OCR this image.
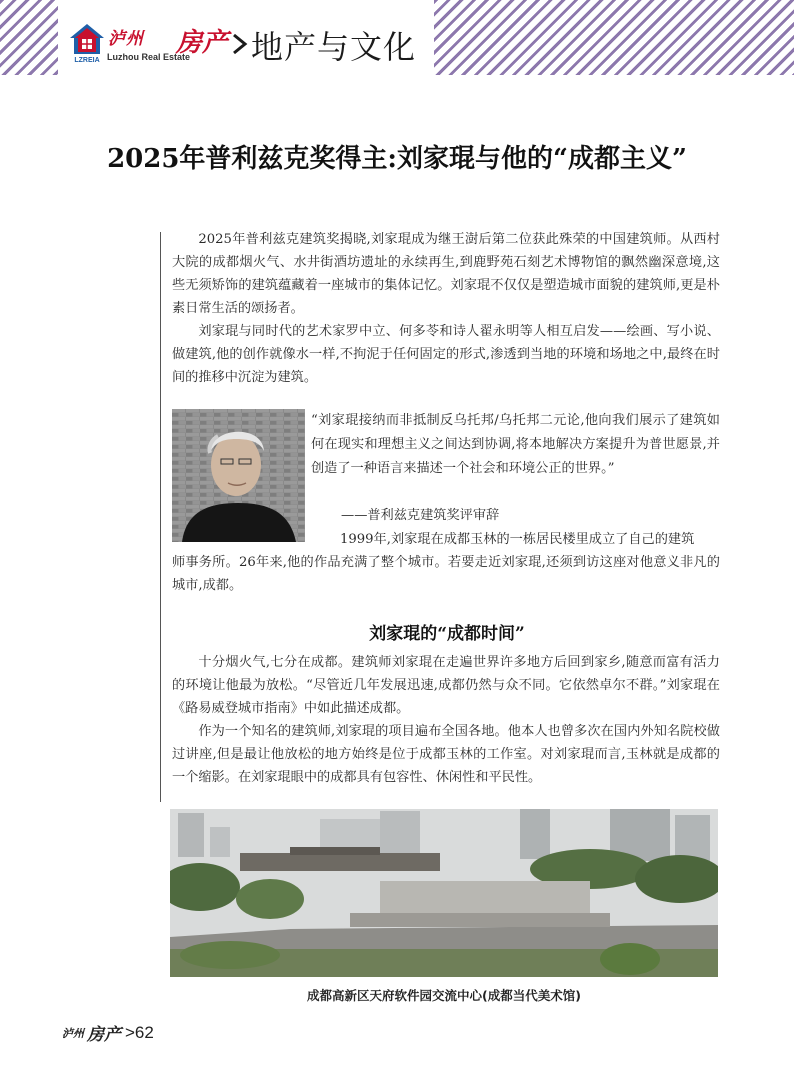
LZREIA
泸州
Luzhou Real Estate
房产 地产与文化
2025年普利兹克奖得主:刘家琨与他的“成都主义”

2025年普利兹克建筑奖揭晓,刘家琨成为继王澍后第二位获此殊荣的中国建筑师。从西村大院的成都烟火气、水井街酒坊遗址的永续再生,到鹿野苑石刻艺术博物馆的飘然幽深意境,这些无须矫饰的建筑蕴藏着一座城市的集体记忆。刘家琨不仅仅是塑造城市面貌的建筑师,更是朴素日常生活的颂扬者。

刘家琨与同时代的艺术家罗中立、何多苓和诗人翟永明等人相互启发——绘画、写小说、做建筑,他的创作就像水一样,不拘泥于任何固定的形式,渗透到当地的环境和场地之中,最终在时间的推移中沉淀为建筑。

“刘家琨接纳而非抵制反乌托邦/乌托邦二元论,他向我们展示了建筑如何在现实和理想主义之间达到协调,将本地解决方案提升为普世愿景,并创造了一种语言来描述一个社会和环境公正的世界。”
——普利兹克建筑奖评审辞
1999年,刘家琨在成都玉林的一栋居民楼里成立了自己的建筑
师事务所。26年来,他的作品充满了整个城市。若要走近刘家琨,还须到访这座对他意义非凡的城市,成都。
刘家琨的“成都时间”

十分烟火气,七分在成都。建筑师刘家琨在走遍世界许多地方后回到家乡,随意而富有活力的环境让他最为放松。“尽管近几年发展迅速,成都仍然与众不同。它依然卓尔不群。”刘家琨在《路易威登城市指南》中如此描述成都。

作为一个知名的建筑师,刘家琨的项目遍布全国各地。他本人也曾多次在国内外知名院校做过讲座,但是最让他放松的地方始终是位于成都玉林的工作室。对刘家琨而言,玉林就是成都的一个缩影。在刘家琨眼中的成都具有包容性、休闲性和平民性。

成都高新区天府软件园交流中心(成都当代美术馆)
泸州 房产 >62
